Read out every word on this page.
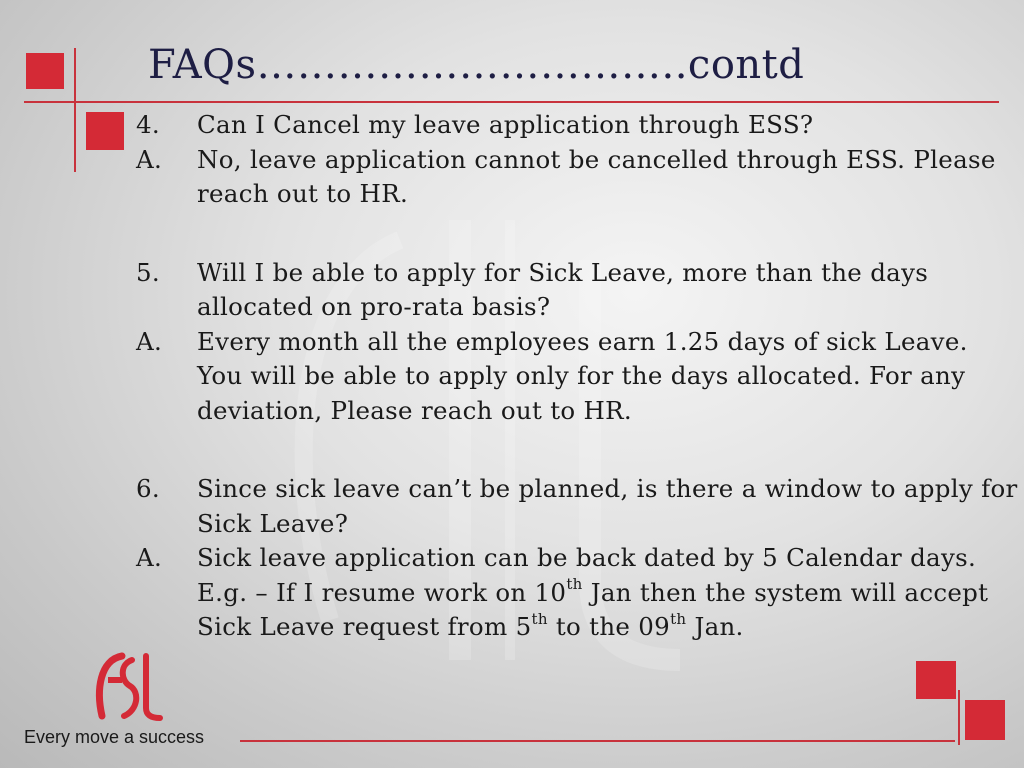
FAQs…………………………..contd
4.	Can I Cancel my leave application through ESS?
A.	No, leave application cannot be cancelled through ESS. Please reach out to HR.
5.	Will I be able to apply for Sick Leave, more than the days allocated on pro-rata basis?
A.	Every month all the employees earn 1.25 days of sick Leave. You will be able to apply only for the days allocated. For any deviation, Please reach out to HR.
6.	Since sick leave can’t be planned, is there a window to apply for Sick Leave?
A.	Sick leave application can be back dated by 5 Calendar days. E.g. – If I resume work on 10th Jan then the system will accept Sick Leave request from 5th to the 09th Jan.
Every move a success
